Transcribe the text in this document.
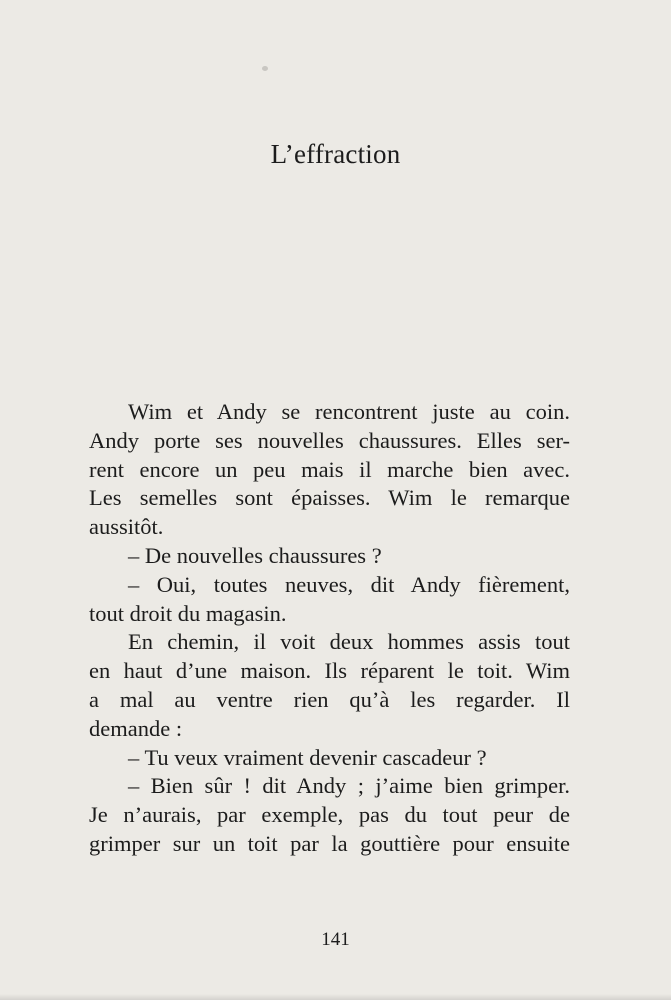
L’effraction
Wim et Andy se rencontrent juste au coin.
Andy porte ses nouvelles chaussures. Elles ser-
rent encore un peu mais il marche bien avec.
Les semelles sont épaisses. Wim le remarque
aussitôt.
– De nouvelles chaussures ?
– Oui, toutes neuves, dit Andy fièrement,
tout droit du magasin.
En chemin, il voit deux hommes assis tout
en haut d’une maison. Ils réparent le toit. Wim
a mal au ventre rien qu’à les regarder. Il
demande :
– Tu veux vraiment devenir cascadeur ?
– Bien sûr ! dit Andy ; j’aime bien grimper.
Je n’aurais, par exemple, pas du tout peur de
grimper sur un toit par la gouttière pour ensuite
141
